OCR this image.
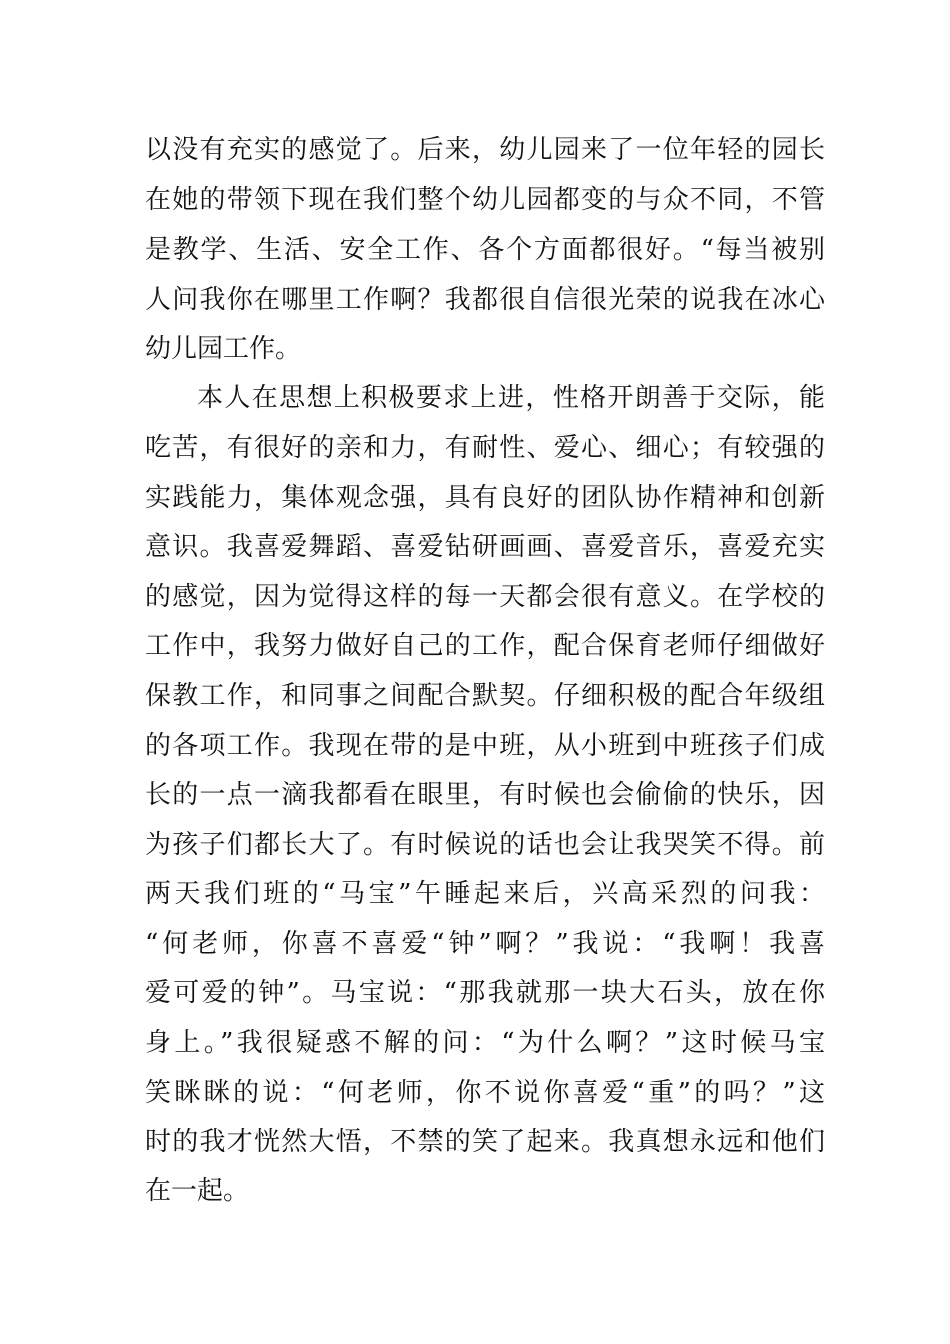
以没有充实的感觉了。后来，幼儿园来了一位年轻的园长
在她的带领下现在我们整个幼儿园都变的与众不同，不管
是教学、生活、安全工作、各个方面都很好。“每当被别
人问我你在哪里工作啊？我都很自信很光荣的说我在冰心
幼儿园工作。
本人在思想上积极要求上进，性格开朗善于交际，能
吃苦，有很好的亲和力，有耐性、爱心、细心；有较强的
实践能力，集体观念强，具有良好的团队协作精神和创新
意识。我喜爱舞蹈、喜爱钻研画画、喜爱音乐，喜爱充实
的感觉，因为觉得这样的每一天都会很有意义。在学校的
工作中，我努力做好自己的工作，配合保育老师仔细做好
保教工作，和同事之间配合默契。仔细积极的配合年级组
的各项工作。我现在带的是中班，从小班到中班孩子们成
长的一点一滴我都看在眼里，有时候也会偷偷的快乐，因
为孩子们都长大了。有时候说的话也会让我哭笑不得。前
两天我们班的“马宝”午睡起来后，兴高采烈的问我：
“何老师，你喜不喜爱“钟”啊？”我说：“我啊！我喜
爱可爱的钟”。马宝说：“那我就那一块大石头，放在你
身上。”我很疑惑不解的问：“为什么啊？”这时候马宝
笑眯眯的说：“何老师，你不说你喜爱“重”的吗？”这
时的我才恍然大悟，不禁的笑了起来。我真想永远和他们
在一起。
